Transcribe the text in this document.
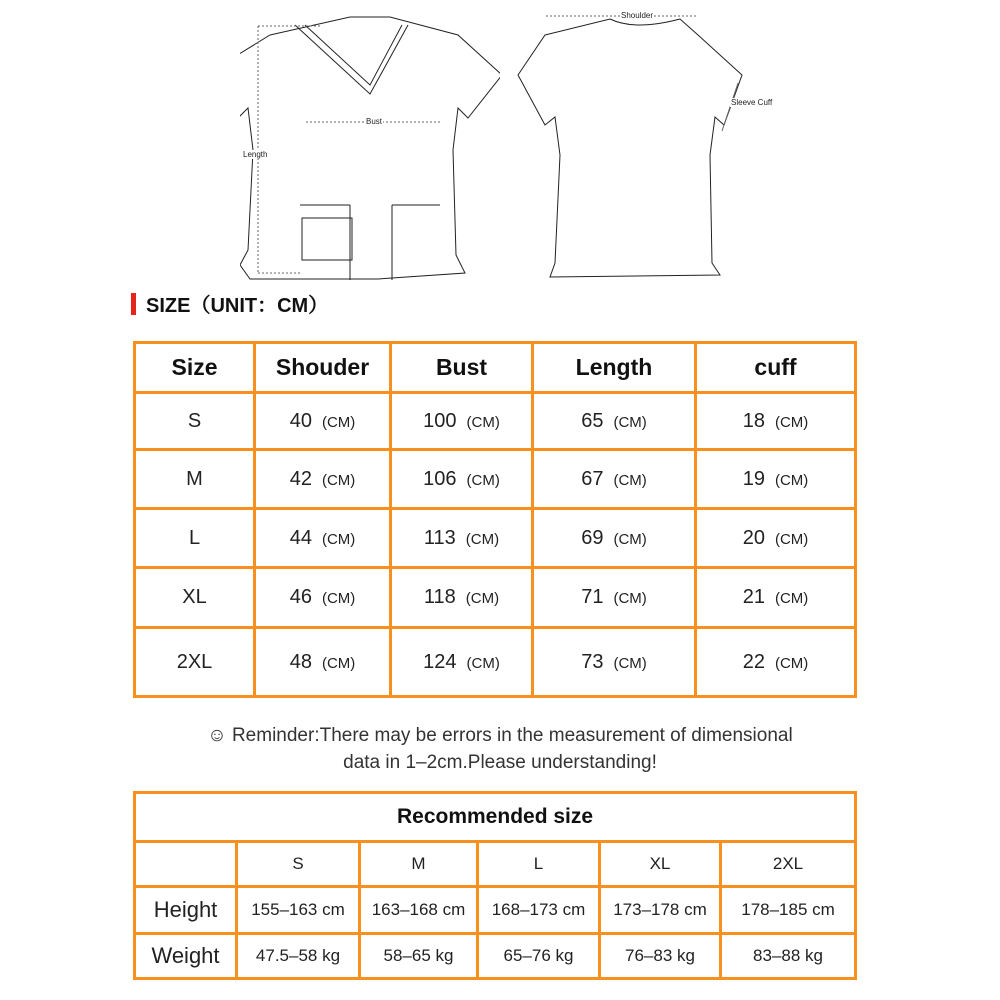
Length
Bust
Shoulder
Sleeve Cuff
SIZE（UNIT：CM）
Size	Shouder	Bust	Length	cuff
S	40 (CM)	100 (CM)	65 (CM)	18 (CM)
M	42 (CM)	106 (CM)	67 (CM)	19 (CM)
L	44 (CM)	113 (CM)	69 (CM)	20 (CM)
XL	46 (CM)	118 (CM)	71 (CM)	21 (CM)
2XL	48 (CM)	124 (CM)	73 (CM)	22 (CM)
☺ Reminder:There may be errors in the measurement of dimensional
data in 1–2cm.Please understanding!
Recommended size					
	S	M	L	XL	2XL
Height	155–163 cm	163–168 cm	168–173 cm	173–178 cm	178–185 cm
Weight	47.5–58 kg	58–65 kg	65–76 kg	76–83 kg	83–88 kg
